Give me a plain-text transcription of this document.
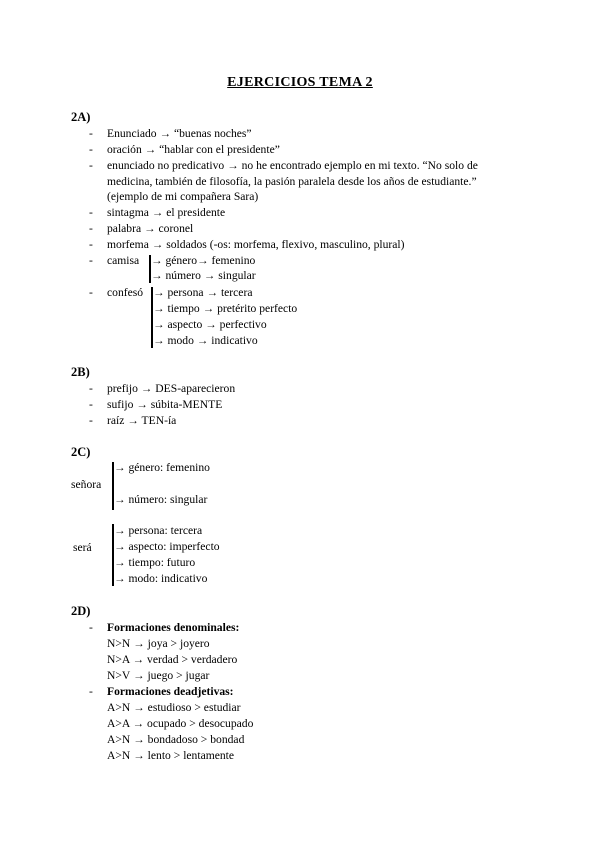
EJERCICIOS TEMA 2
2A)
- Enunciado → “buenas noches”
- oración → “hablar con el presidente”
- enunciado no predicativo → no he encontrado ejemplo en mi texto. “No solo de
medicina, también de filosofía, la pasión paralela desde los años de estudiante.”
(ejemplo de mi compañera Sara)
- sintagma → el presidente
- palabra → coronel
- morfema → soldados (-os: morfema, flexivo, masculino, plural)
- camisa → género→ femenino
→ número → singular
- confesó → persona → tercera
→ tiempo → pretérito perfecto
→ aspecto → perfectivo
→ modo → indicativo
2B)
- prefijo → DES-aparecieron
- sufijo → súbita-MENTE
- raíz → TEN-ía
2C)
señora
→ género: femenino
→ número: singular
será
→ persona: tercera
→ aspecto: imperfecto
→ tiempo: futuro
→ modo: indicativo
2D)
- Formaciones denominales:
N>N → joya > joyero
N>A → verdad > verdadero
N>V → juego > jugar
- Formaciones deadjetivas:
A>N → estudioso > estudiar
A>A → ocupado > desocupado
A>N → bondadoso > bondad
A>N → lento > lentamente
